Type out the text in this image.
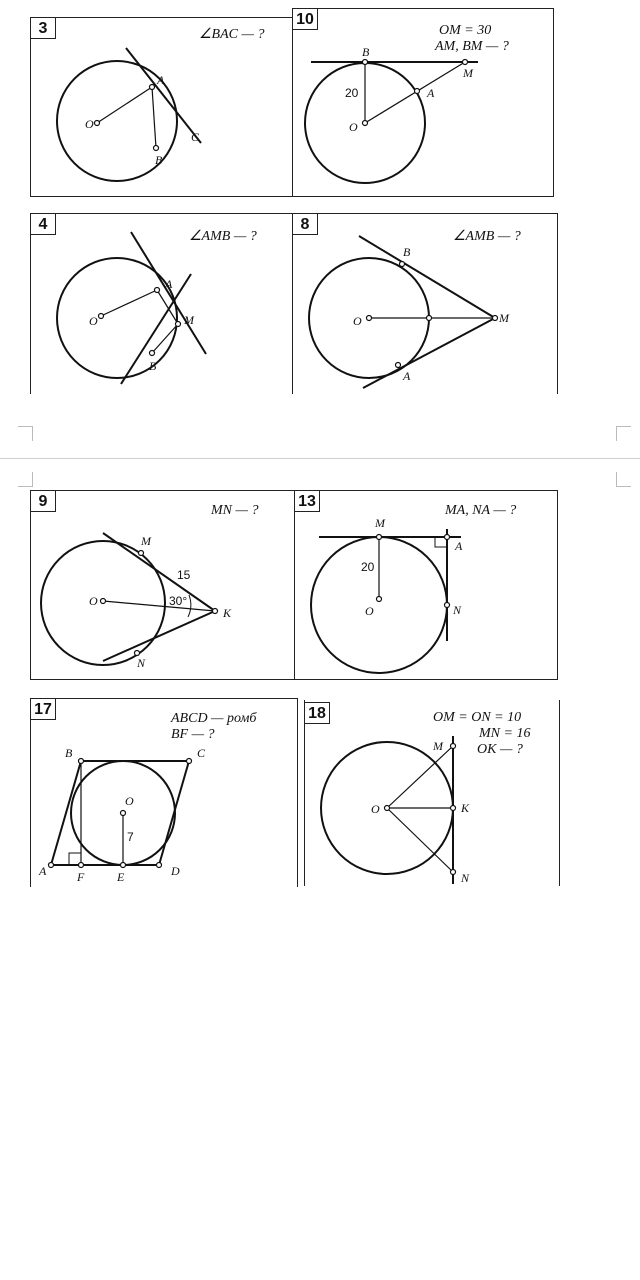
3	∠BAC — ?
O
A
B
C
10
OM = 30
AM, BM — ?
B
20
O
A
M
4
∠AMB — ?
O
A
M
B
8
∠AMB — ?
O
B
M
A
9
MN — ?
O
M
15
30°
K
N
13
MA, NA — ?
M
20
O
A
N
17
ABCD — ромб
BF — ?
B	C
O
7
A	F	E	D
18	OM = ON = 10
MN = 16
OK — ?
M
O	K
N
